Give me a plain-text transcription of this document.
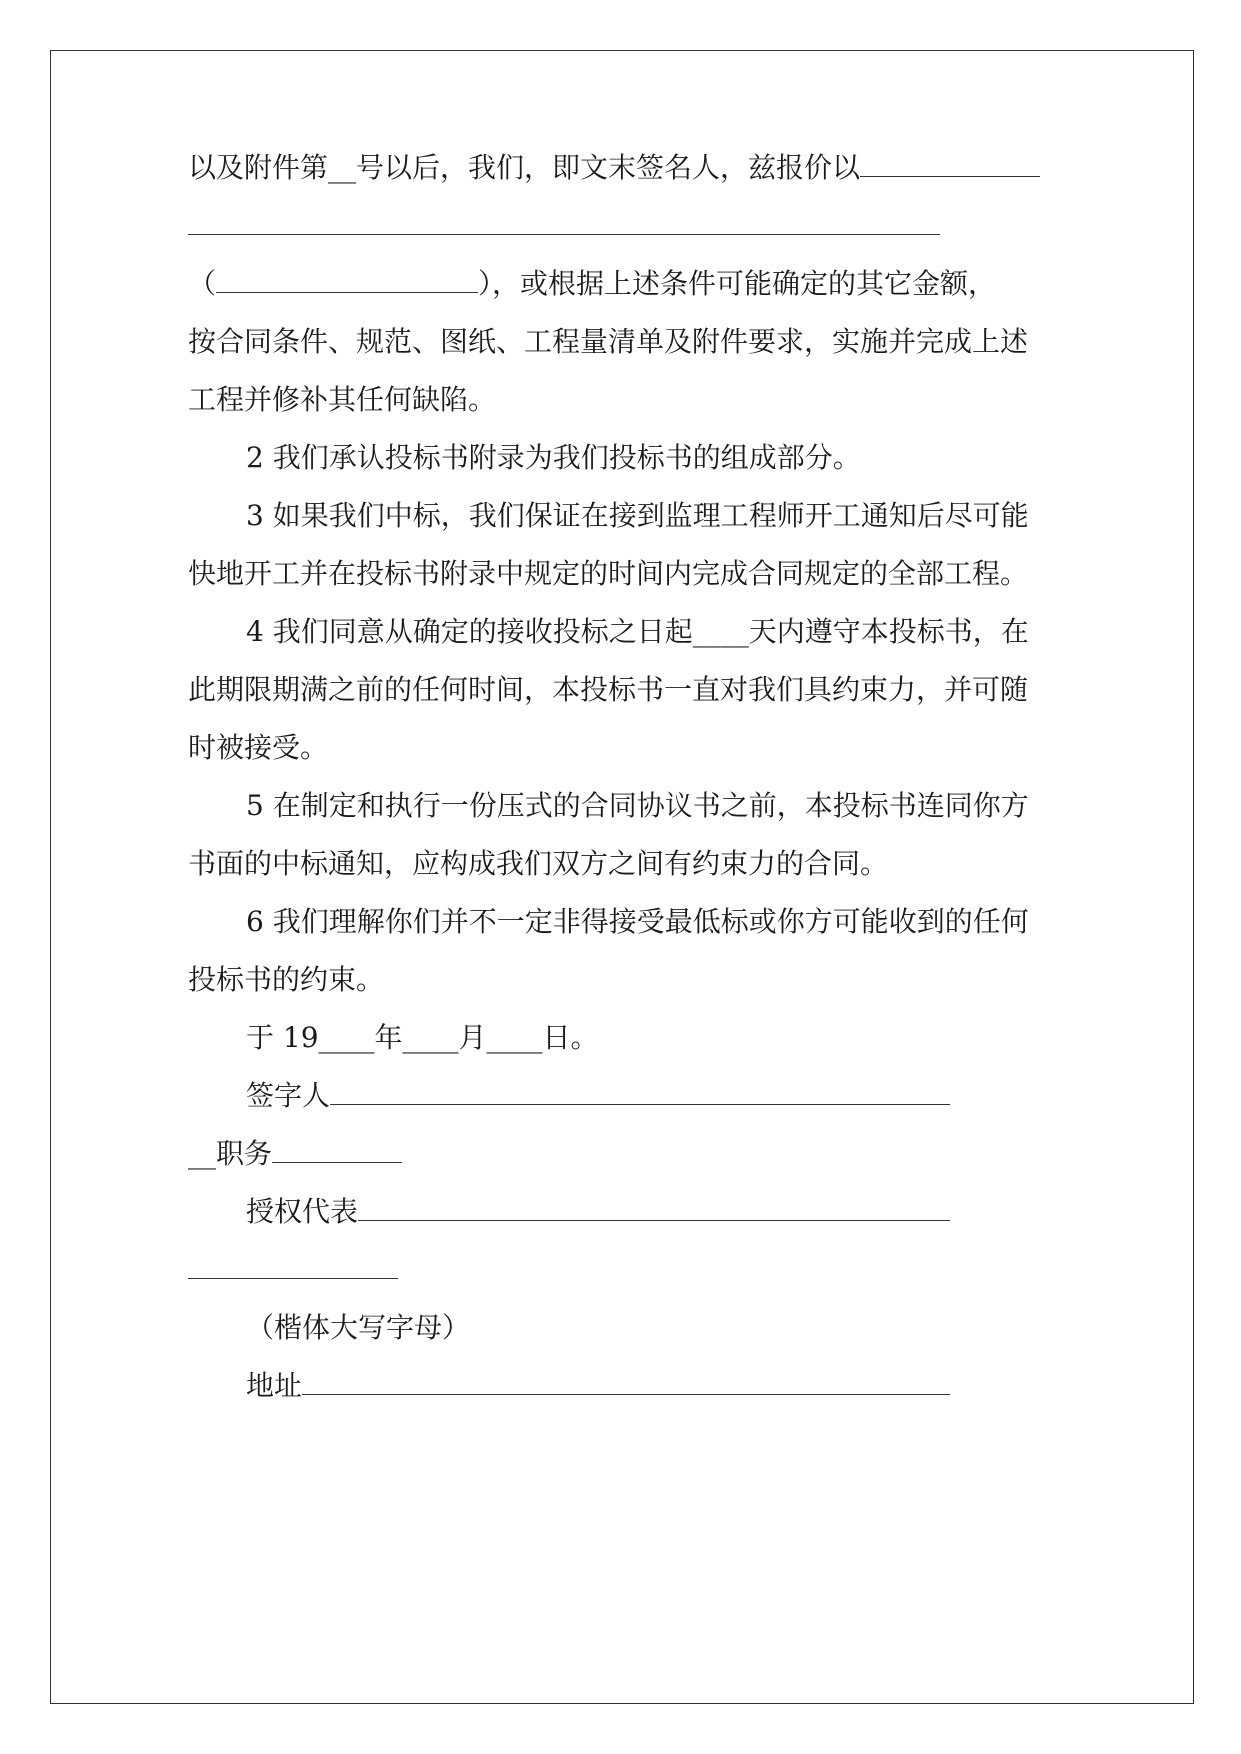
以及附件第__号以后，我们，即文末签名人，兹报价以
（	），或根据上述条件可能确定的其它金额，
按合同条件、规范、图纸、工程量清单及附件要求，实施并完成上述
工程并修补其任何缺陷。
2 我们承认投标书附录为我们投标书的组成部分。
3 如果我们中标，我们保证在接到监理工程师开工通知后尽可能
快地开工并在投标书附录中规定的时间内完成合同规定的全部工程。
4 我们同意从确定的接收投标之日起____天内遵守本投标书，在
此期限期满之前的任何时间，本投标书一直对我们具约束力，并可随
时被接受。
5 在制定和执行一份压式的合同协议书之前，本投标书连同你方
书面的中标通知，应构成我们双方之间有约束力的合同。
6 我们理解你们并不一定非得接受最低标或你方可能收到的任何
投标书的约束。
于 19____年____月____日。
签字人
__职务
授权代表
（楷体大写字母）
地址
